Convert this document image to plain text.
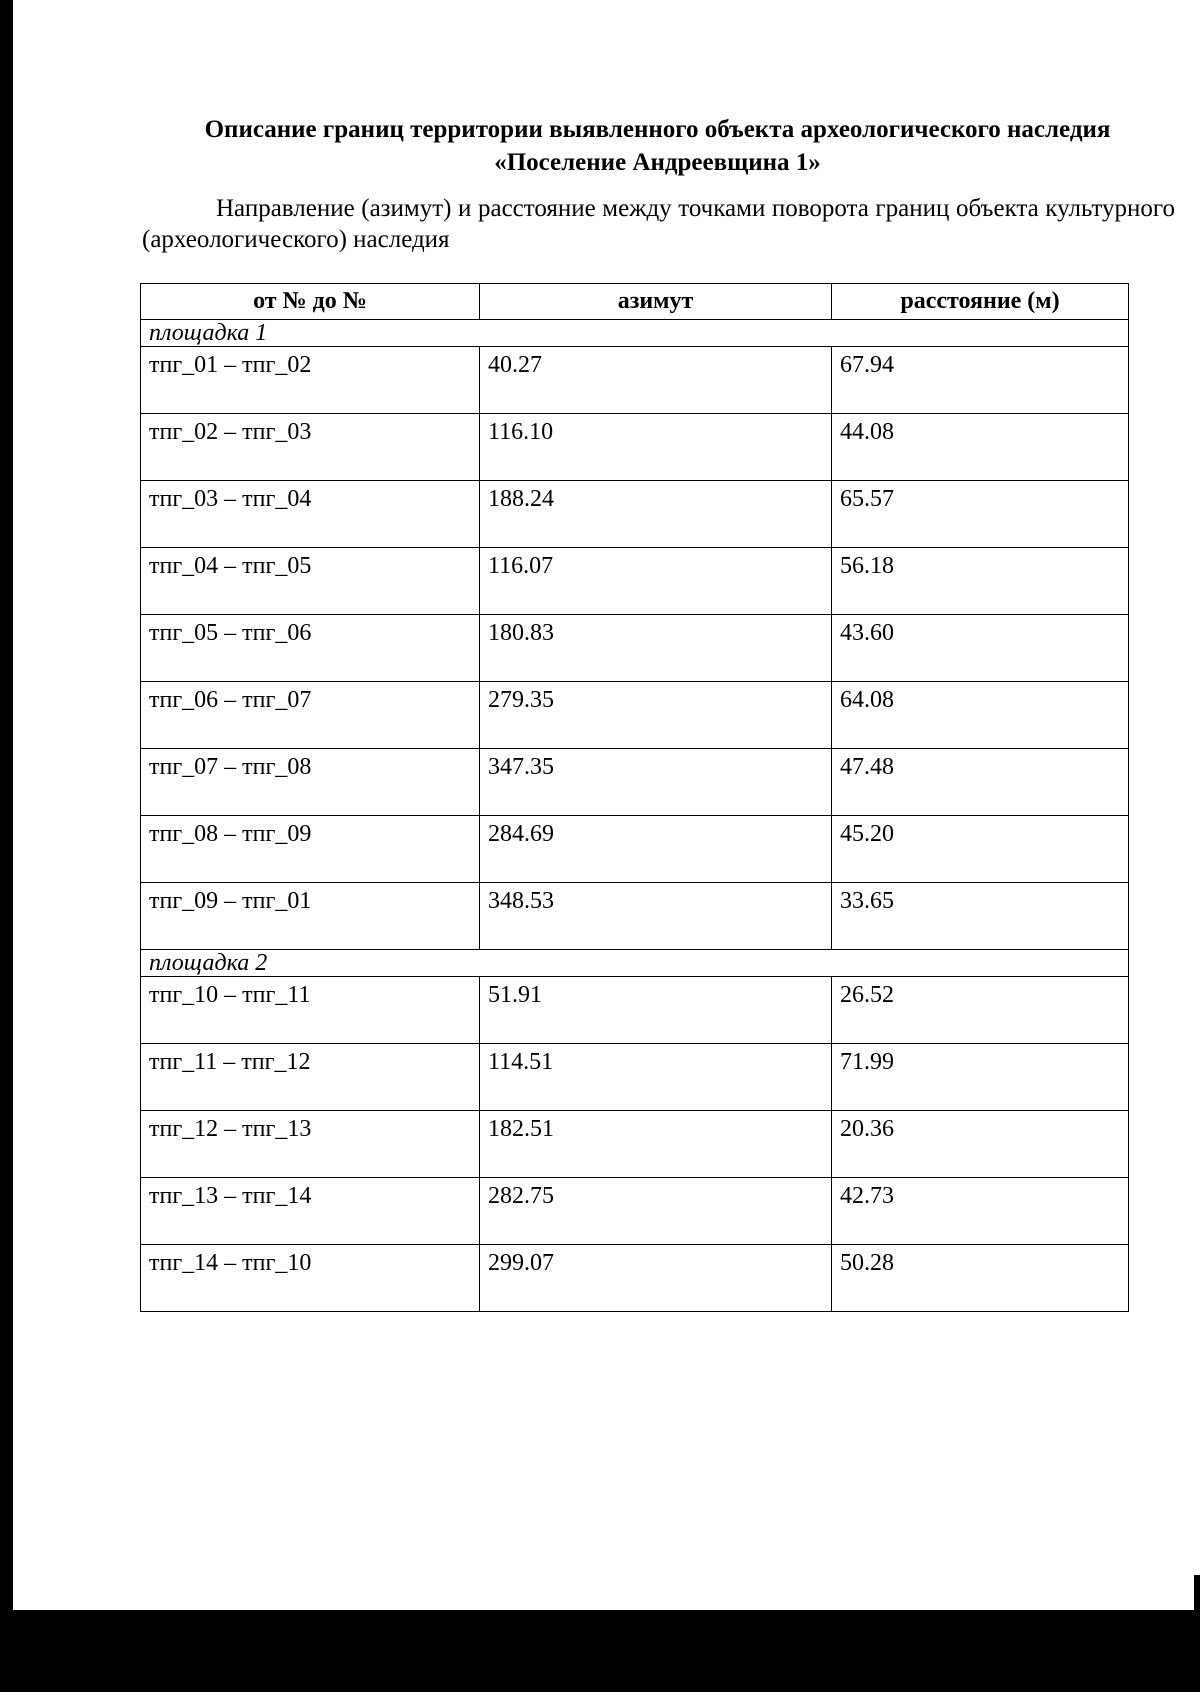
Описание границ территории выявленного объекта археологического наследия
«Поселение Андреевщина 1»
Направление (азимут) и расстояние между точками поворота границ объекта культурного (археологического) наследия
от № до №	азимут	расстояние (м)
площадка 1		
тпг_01 – тпг_02	40.27	67.94
тпг_02 – тпг_03	116.10	44.08
тпг_03 – тпг_04	188.24	65.57
тпг_04 – тпг_05	116.07	56.18
тпг_05 – тпг_06	180.83	43.60
тпг_06 – тпг_07	279.35	64.08
тпг_07 – тпг_08	347.35	47.48
тпг_08 – тпг_09	284.69	45.20
тпг_09 – тпг_01	348.53	33.65
площадка 2		
тпг_10 – тпг_11	51.91	26.52
тпг_11 – тпг_12	114.51	71.99
тпг_12 – тпг_13	182.51	20.36
тпг_13 – тпг_14	282.75	42.73
тпг_14 – тпг_10	299.07	50.28
